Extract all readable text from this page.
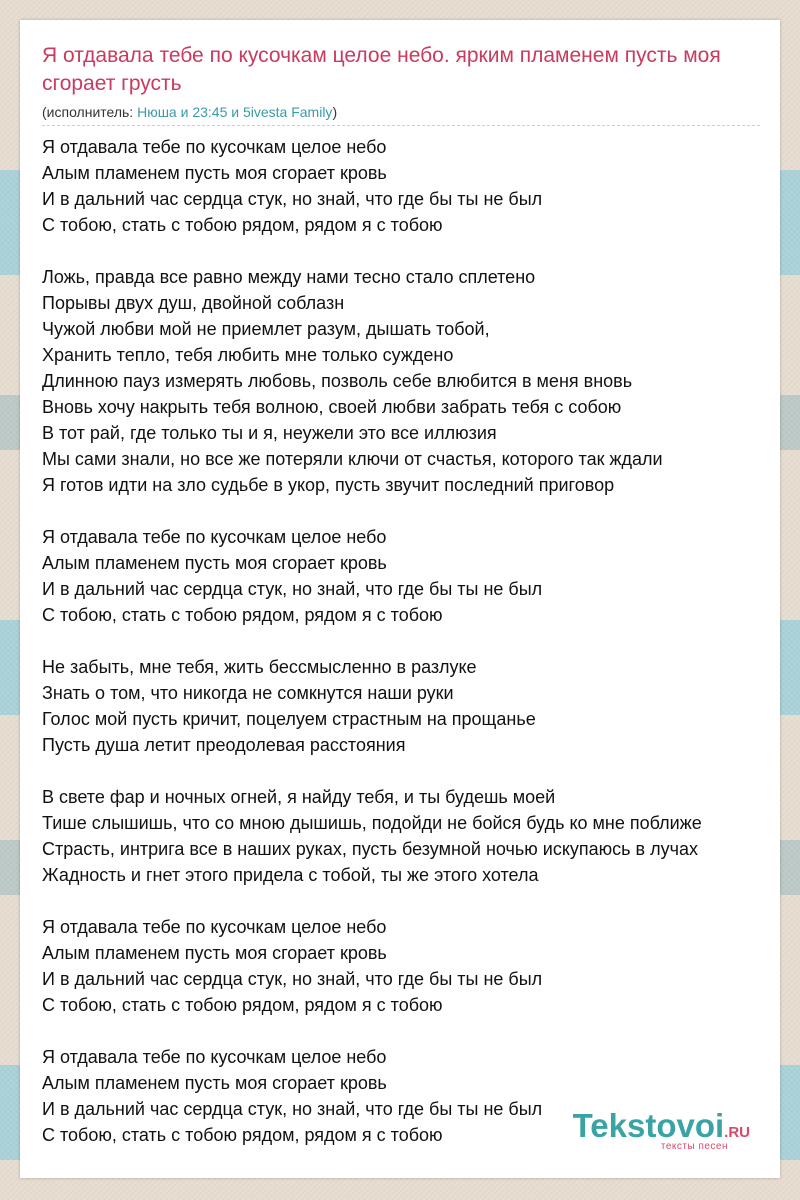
Я отдавала тебе по кусочкам целое небо. ярким пламенем пусть моя сгорает грусть
(исполнитель: Нюша и 23:45 и 5ivesta Family)
Я отдавала тебе по кусочкам целое небо
Алым пламенем пусть моя сгорает кровь
И в дальний час сердца стук, но знай, что где бы ты не был
С тобою, стать с тобою рядом, рядом я с тобою
Ложь, правда все равно между нами тесно стало сплетено
Порывы двух душ, двойной соблазн
Чужой любви мой не приемлет разум, дышать тобой,
Хранить тепло, тебя любить мне только суждено
Длинною пауз измерять любовь, позволь себе влюбится в меня вновь
Вновь хочу накрыть тебя волною, своей любви забрать тебя с собою
В тот рай, где только ты и я, неужели это все иллюзия
Мы сами знали, но все же потеряли ключи от счастья, которого так ждали
Я готов идти на зло судьбе в укор, пусть звучит последний приговор
Я отдавала тебе по кусочкам целое небо
Алым пламенем пусть моя сгорает кровь
И в дальний час сердца стук, но знай, что где бы ты не был
С тобою, стать с тобою рядом, рядом я с тобою
Не забыть, мне тебя, жить бессмысленно в разлуке
Знать о том, что никогда не сомкнутся наши руки
Голос мой пусть кричит, поцелуем страстным на прощанье
Пусть душа летит преодолевая расстояния
В свете фар и ночных огней, я найду тебя, и ты будешь моей
Тише слышишь, что со мною дышишь, подойди не бойся будь ко мне поближе
Страсть, интрига все в наших руках, пусть безумной ночью искупаюсь в лучах
Жадность и гнет этого придела с тобой, ты же этого хотела
Я отдавала тебе по кусочкам целое небо
Алым пламенем пусть моя сгорает кровь
И в дальний час сердца стук, но знай, что где бы ты не был
С тобою, стать с тобою рядом, рядом я с тобою
Я отдавала тебе по кусочкам целое небо
Алым пламенем пусть моя сгорает кровь
И в дальний час сердца стук, но знай, что где бы ты не был
С тобою, стать с тобою рядом, рядом я с тобою	Tekstovoi.RU
тексты песен
